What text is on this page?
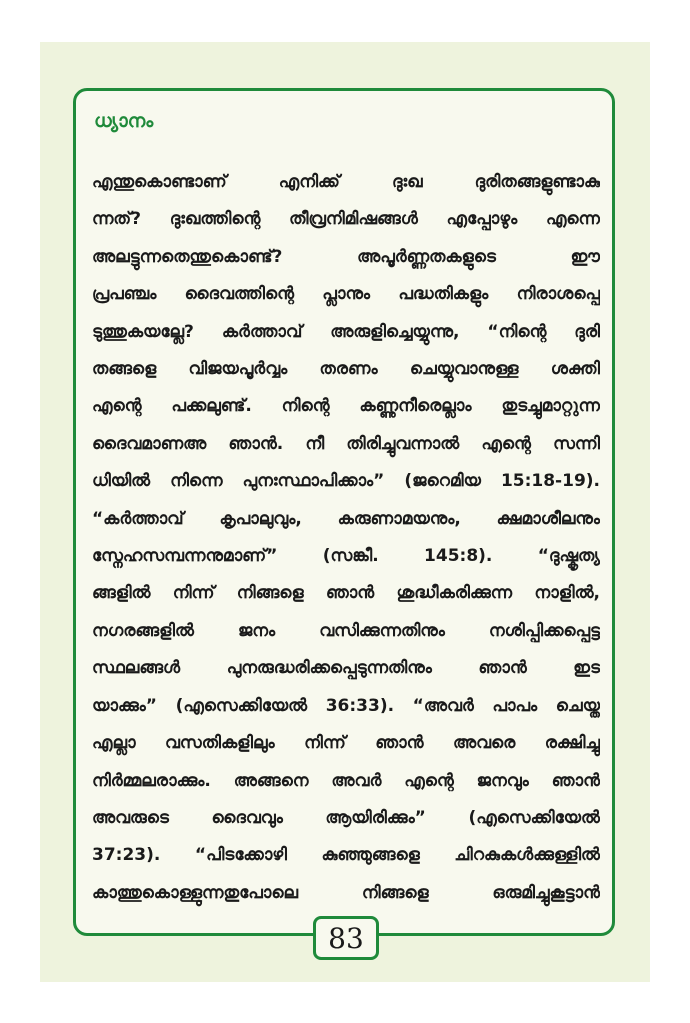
ധ്യാനം
എന്തുകൊണ്ടാണ് എനിക്ക് ദുഃഖ ദുരിതങ്ങളുണ്ടാകു
ന്നത്? ദുഃഖത്തിന്റെ തീവ്രനിമിഷങ്ങൾ എപ്പോഴും എന്നെ
അലട്ടുന്നതെന്തുകൊണ്ട്? അപൂർണ്ണതകളുടെ ഈ
പ്രപഞ്ചം ദൈവത്തിന്റെ പ്ലാനും പദ്ധതികളും നിരാശപ്പെ
ടുത്തുകയല്ലേ? കർത്താവ് അരുളിച്ചെയ്യുന്നു, “നിന്റെ ദുരി
തങ്ങളെ വിജയപൂർവ്വം തരണം ചെയ്യുവാനുള്ള ശക്തി
എന്റെ പക്കലുണ്ട്. നിന്റെ കണ്ണുനീരെല്ലാം തുടച്ചുമാറ്റുന്ന
ദൈവമാണഅ ഞാൻ. നീ തിരിച്ചുവന്നാൽ എന്റെ സന്നി
ധിയിൽ നിന്നെ പുനഃസ്ഥാപിക്കാം” (ജറെമിയ 15:18-19).
“കർത്താവ് കൃപാലുവും, കരുണാമയനും, ക്ഷമാശീലനും
സ്നേഹസമ്പന്നനുമാണ്” (സങ്കീ. 145:8). “ദുഷ്കൃത്യ
ങ്ങളിൽ നിന്ന് നിങ്ങളെ ഞാൻ ശുദ്ധീകരിക്കുന്ന നാളിൽ,
നഗരങ്ങളിൽ ജനം വസിക്കുന്നതിനും നശിപ്പിക്കപ്പെട്ട
സ്ഥലങ്ങൾ പുനരുദ്ധരിക്കപ്പെടുന്നതിനും ഞാൻ ഇട
യാക്കും” (എസെക്കിയേൽ 36:33). “അവർ പാപം ചെയ്ത
എല്ലാ വസതികളിലും നിന്ന് ഞാൻ അവരെ രക്ഷിച്ചു
നിർമ്മലരാക്കും. അങ്ങനെ അവർ എന്റെ ജനവും ഞാൻ
അവരുടെ ദൈവവും ആയിരിക്കും” (എസെക്കിയേൽ
37:23). “പിടക്കോഴി കുഞ്ഞുങ്ങളെ ചിറകുകൾക്കുള്ളിൽ
കാത്തുകൊള്ളുന്നതുപോലെ നിങ്ങളെ ഒരുമിച്ചുകൂട്ടാൻ
83
